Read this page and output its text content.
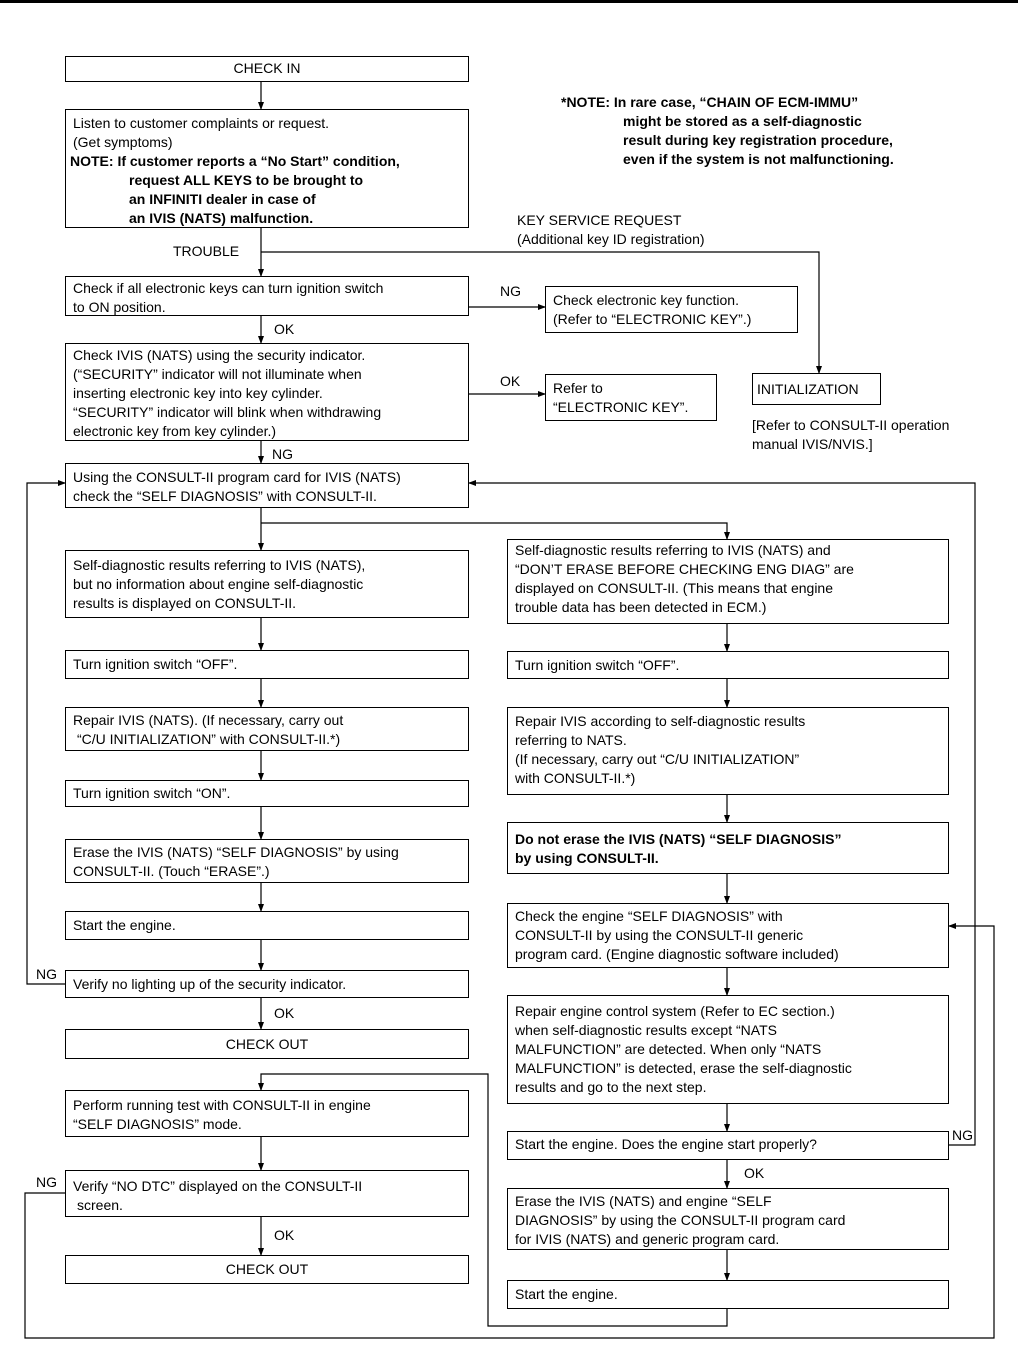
*NOTE: In rare case, “CHAIN OF ECM-IMMU”
might be stored as a self-diagnostic
result during key registration procedure,
even if the system is not malfunctioning.
CHECK IN
Listen to customer complaints or request.
(Get symptoms)
NOTE: If customer reports a “No Start” condition,
request ALL KEYS to be brought to
an INFINITI dealer in case of
an IVIS (NATS) malfunction.	KEY SERVICE REQUEST
(Additional key ID registration)
TROUBLE
Check if all electronic keys can turn ignition switch
to ON position.
NG
Check electronic key function.
(Refer to “ELECTRONIC KEY”.)
OK
Check IVIS (NATS) using the security indicator.
(“SECURITY” indicator will not illuminate when
inserting electronic key into key cylinder.
“SECURITY” indicator will blink when withdrawing
electronic key from key cylinder.)
OK Refer to
“ELECTRONIC KEY”.
INITIALIZATION
[Refer to CONSULT-II operation
manual IVIS/NVIS.]
NG
Using the CONSULT-II program card for IVIS (NATS)
check the “SELF DIAGNOSIS” with CONSULT-II.
Self-diagnostic results referring to IVIS (NATS),
but no information about engine self-diagnostic
results is displayed on CONSULT-II.
Turn ignition switch “OFF”.
Repair IVIS (NATS). (If necessary, carry out
“C/U INITIALIZATION” with CONSULT-II.*)
Turn ignition switch “ON”.
Erase the IVIS (NATS) “SELF DIAGNOSIS” by using
CONSULT-II. (Touch “ERASE”.)
Start the engine.
NG
Verify no lighting up of the security indicator.
OK
CHECK OUT
Perform running test with CONSULT-II in engine
“SELF DIAGNOSIS” mode.
NG Verify “NO DTC” displayed on the CONSULT-II
screen.
OK
CHECK OUT
Self-diagnostic results referring to IVIS (NATS) and
“DON’T ERASE BEFORE CHECKING ENG DIAG” are
displayed on CONSULT-II. (This means that engine
trouble data has been detected in ECM.)
Turn ignition switch “OFF”.
Repair IVIS according to self-diagnostic results
referring to NATS.
(If necessary, carry out “C/U INITIALIZATION”
with CONSULT-II.*)
Do not erase the IVIS (NATS) “SELF DIAGNOSIS”
by using CONSULT-II.
Check the engine “SELF DIAGNOSIS” with
CONSULT-II by using the CONSULT-II generic
program card. (Engine diagnostic software included)
Repair engine control system (Refer to EC section.)
when self-diagnostic results except “NATS
MALFUNCTION” are detected. When only “NATS
MALFUNCTION” is detected, erase the self-diagnostic
results and go to the next step.
Start the engine. Does the engine start properly?
NG
OK
Erase the IVIS (NATS) and engine “SELF
DIAGNOSIS” by using the CONSULT-II program card
for IVIS (NATS) and generic program card.
Start the engine.
